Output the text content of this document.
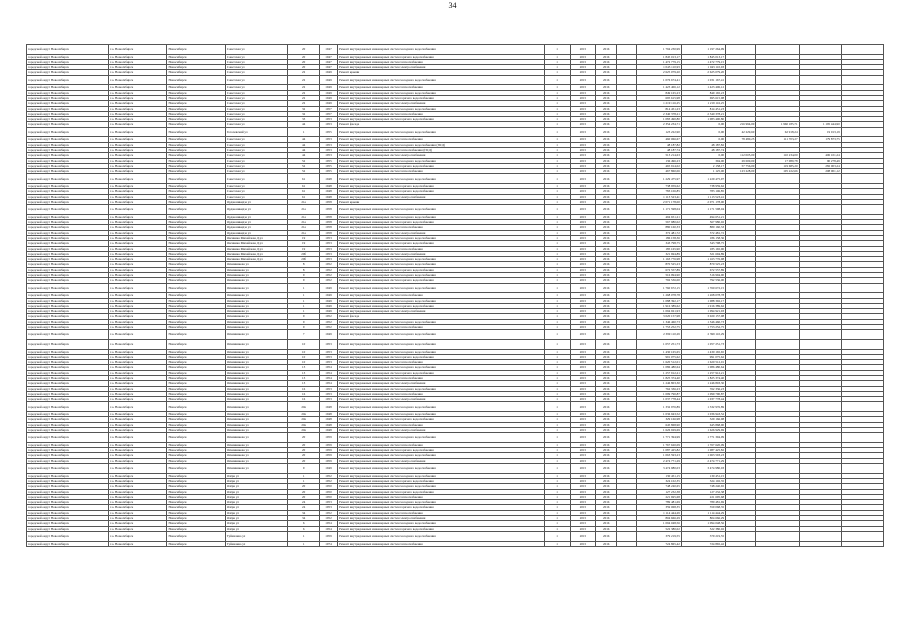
34
городской округ Новосибирск	г.о. Новосибирск	Новосибирск	Советская ул	20	1947	Ремонт внутридомовых инженерных систем холодного водоснабжения	1	2015	2016		1 794 230,99	1 197 264,99				
городской округ Новосибирск	г.о. Новосибирск	Новосибирск	Советская ул	20	1947	Ремонт внутридомовых инженерных систем горячего водоснабжения	1	2015	2016		1 845 013,17	1 845 013,17				
городской округ Новосибирск	г.о. Новосибирск	Новосибирск	Советская ул	20	1947	Ремонт внутридомовых инженерных систем теплоснабжения	1	2015	2016		1 472 779,15	1 472 779,15				
городской округ Новосибирск	г.о. Новосибирск	Новосибирск	Советская ул	20	1947	Ремонт внутридомовых инженерных систем электроснабжения	1	2015	2016		1 043 110,93	1 043 110,93				
городской округ Новосибирск	г.о. Новосибирск	Новосибирск	Советская ул	22	1949	Ремонт крыши	1	2015	2016		2 625 079,20	2 625 079,20				
городской округ Новосибирск	г.о. Новосибирск	Новосибирск	Советская ул	22	1949	Ремонт внутридомовых инженерных систем холодного водоснабжения	1	2015	2016		1 076 674,41	1 031 167,41				
городской округ Новосибирск	г.о. Новосибирск	Новосибирск	Советская ул	22	1949	Ремонт внутридомовых инженерных систем теплоснабжения	1	2015	2016		1 423 406,12	1 423 406,12				
городской округ Новосибирск	г.о. Новосибирск	Новосибирск	Советская ул	22	1949	Ремонт внутридомовых инженерных систем холодного водоснабжения	1	2015	2016		849 165,23	849 165,23				
городской округ Новосибирск	г.о. Новосибирск	Новосибирск	Советская ул	22	1949	Ремонт внутридомовых инженерных систем горячего водоснабжения	1	2015	2016		695 615,98	695 615,98				
городской округ Новосибирск	г.о. Новосибирск	Новосибирск	Советская ул	22	1949	Ремонт внутридомовых инженерных систем электроснабжения	1	2015	2016		1 219 116,25	1 219 116,25				
городской округ Новосибирск	г.о. Новосибирск	Новосибирск	Советская ул	32	1957	Ремонт внутридомовых инженерных систем холодного водоснабжения	1	2015	2016		814 451,23	814 451,23				
городской округ Новосибирск	г.о. Новосибирск	Новосибирск	Советская ул	32	1957	Ремонт внутридомовых инженерных систем теплоснабжения	1	2015	2016		2 340 378,21	2 340 378,21				
городской округ Новосибирск	г.о. Новосибирск	Новосибирск	Советская ул	33	1953	Ремонт внутридомовых инженерных систем горячего водоснабжения	1	2015	2016		1 083 490,80	1 083 490,80				
городской округ Новосибирск	г.о. Новосибирск	Новосибирск	Советская ул	44	1953	Ремонт фасада	1	2015	2016		2 354 234,71	0,00	216 994,00	1 960 185,71	1 195 444,90	
городской округ Новосибирск	г.о. Новосибирск	Новосибирск	Гоголевский ул	1	1955	Ремонт внутридомовых инженерных систем холодного водоснабжения	1	2015	2016		123 222,90	0,00	42 229,60	62 918,24	19 013,19	
городской округ Новосибирск	г.о. Новосибирск	Новосибирск	Советская ул	44	1953	Ремонт внутридомовых инженерных систем теплоснабжения	1	2015	2016		460 066,67	0,00	78 480,25	111 703,27	179 873,75	
городской округ Новосибирск	г.о. Новосибирск	Новосибирск	Советская ул	44	1953	Ремонт внутридомовых инженерных систем холодного водоснабжения (ПСД)	1	2015	2016		48 187,82	48 187,82				
городской округ Новосибирск	г.о. Новосибирск	Новосибирск	Советская ул	44	1953	Ремонт внутридомовых инженерных систем теплоснабжения (ПСД)	1	2015	2016		48 187,74	48 187,74				
городской округ Новосибирск	г.о. Новосибирск	Новосибирск	Советская ул	44	1953	Ремонт внутридомовых инженерных систем электроснабжения	1	2015	2016		513 214,63	0,00	112 005,00	110 234,00	406 101,24	
городской округ Новосибирск	г.о. Новосибирск	Новосибирск	Советская ул	52	1955	Ремонт внутридомовых инженерных систем холодного водоснабжения	1	2015	2016		136 496,23	394,00	29 000,00	17 089,78	90 278,49	
городской округ Новосибирск	г.о. Новосибирск	Новосибирск	Советская ул	52	1955	Ремонт внутридомовых инженерных систем горячего водоснабжения	1	2015	2016		465 914,02	2 158,17	57 756,00	119 685,20	282 003,24	
городской округ Новосибирск	г.о. Новосибирск	Новосибирск	Советская ул	52	1955	Ремонт внутридомовых инженерных систем теплоснабжения	1	2015	2016		467 860,06	1 125,00	123 228,00	105 222,66	208 001,12	
городской округ Новосибирск	г.о. Новосибирск	Новосибирск	Советская ул	61	1948	Ремонт внутридомовых инженерных систем холодного водоснабжения	1	2015	2016		1 229 475,97	1 229 475,97				
городской округ Новосибирск	г.о. Новосибирск	Новосибирск	Советская ул	61	1948	Ремонт внутридомовых инженерных систем горячего водоснабжения	1	2015	2016		738 959,62	738 959,62				
городской округ Новосибирск	г.о. Новосибирск	Новосибирск	Советская ул	61	1948	Ремонт внутридомовых инженерных систем горячего водоснабжения	1	2015	2016		783 106,85	783 106,85				
городской округ Новосибирск	г.о. Новосибирск	Новосибирск	Советская ул	61	1948	Ремонт внутридомовых инженерных систем электроснабжения	1	2015	2016		1 113 523,41	1 113 523,41				
городской округ Новосибирск	г.о. Новосибирск	Новосибирск	Орджоникидзе ул	21а	1958	Ремонт крыши	1	2015	2016		2 071 178,00	2 071 178,00				
городской округ Новосибирск	г.о. Новосибирск	Новосибирск	Орджоникидзе ул	21а	1958	Ремонт внутридомовых инженерных систем холодного водоснабжения	1	2015	2016		1 171 598,04	1 171 598,04				
городской округ Новосибирск	г.о. Новосибирск	Новосибирск	Орджоникидзе ул	21а	1958	Ремонт внутридомовых инженерных систем холодного водоснабжения	1	2015	2016		494 651,21	494 651,21				
городской округ Новосибирск	г.о. Новосибирск	Новосибирск	Орджоникидзе ул	21а	1958	Ремонт внутридомовых инженерных систем горячего водоснабжения	1	2015	2016		567 980,02	567 980,02				
городской округ Новосибирск	г.о. Новосибирск	Новосибирск	Орджоникидзе ул	21а	1958	Ремонт внутридомовых инженерных систем теплоснабжения	1	2015	2016		880 160,33	880 160,33				
городской округ Новосибирск	г.о. Новосибирск	Новосибирск	Орджоникидзе ул	21а	1958	Ремонт внутридомовых инженерных систем электроснабжения	1	2015	2016		372 481,72	372 481,72				
городской округ Новосибирск	г.о. Новосибирск	Новосибирск	Овсяника Михайлова Д.ул	19	1953	Ремонт внутридомовых инженерных систем холодного водоснабжения	1	2015	2016		186 158,36	186 158,36				
городской округ Новосибирск	г.о. Новосибирск	Новосибирск	Овсяника Михайлова Д.ул	19	1953	Ремонт внутридомовых инженерных систем горячего водоснабжения	1	2015	2016		343 798,75	343 798,75				
городской округ Новосибирск	г.о. Новосибирск	Новосибирск	Овсяника Михайлова Д.ул	19	1953	Ремонт внутридомовых инженерных систем теплоснабжения	1	2015	2016		185 165,90	185 165,90				
городской округ Новосибирск	г.о. Новосибирск	Новосибирск	Овсяника Михайлова Д.ул	20б	1953	Ремонт внутридомовых инженерных систем электроснабжения	1	2015	2016		321 694,89	321 694,89				
городской округ Новосибирск	г.о. Новосибирск	Новосибирск	Овсяника Михайлова Д.ул	20б	1953	Ремонт внутридомовых инженерных систем холодного водоснабжения	1	2015	2016		1 163 776,98	1 163 776,98				
городской округ Новосибирск	г.о. Новосибирск	Новосибирск	Овчинникова ул	8	1952	Ремонт внутридомовых инженерных систем холодного водоснабжения	1	2015	2016		870 525,23	870 525,23				
городской округ Новосибирск	г.о. Новосибирск	Новосибирск	Овчинникова ул	8	1952	Ремонт внутридомовых инженерных систем горячего водоснабжения	1	2015	2016		672 557,89	672 557,89				
городской округ Новосибирск	г.о. Новосибирск	Новосибирск	Овчинникова ул	9	1952	Ремонт внутридомовых инженерных систем холодного водоснабжения	1	2015	2016		516 994,90	516 994,90				
городской округ Новосибирск	г.о. Новосибирск	Новосибирск	Овчинникова ул	9	1952	Ремонт внутридомовых инженерных систем горячего водоснабжения	1	2015	2016		792 536,00	792 536,00				
городской округ Новосибирск	г.о. Новосибирск	Новосибирск	Овчинникова ул	1	1949	Ремонт внутридомовых инженерных систем холодного водоснабжения	1	2015	2016		1 760 672,15	1 760 672,15				
городской округ Новосибирск	г.о. Новосибирск	Новосибирск	Овчинникова ул	1	1949	Ремонт внутридомовых инженерных систем теплоснабжения	1	2015	2016		1 268 078,78	1 268 078,78				
городской округ Новосибирск	г.о. Новосибирск	Новосибирск	Овчинникова ул	1	1949	Ремонт внутридомовых инженерных систем холодного водоснабжения	1	2015	2016		1 088 392,17	1 088 392,17				
городской округ Новосибирск	г.о. Новосибирск	Новосибирск	Овчинникова ул	1	1949	Ремонт внутридомовых инженерных систем горячего водоснабжения	1	2015	2016		1 916 389,62	1 916 389,62				
городской округ Новосибирск	г.о. Новосибирск	Новосибирск	Овчинникова ул	1	1949	Ремонт внутридомовых инженерных систем электроснабжения	1	2015	2016		1 094 921,93	1 094 921,93				
городской округ Новосибирск	г.о. Новосибирск	Новосибирск	Овчинникова ул	9	1952	Ремонт фасада	1	2015	2016		3 020 157,98	3 020 157,98				
городской округ Новосибирск	г.о. Новосибирск	Новосибирск	Овчинникова ул	9	1952	Ремонт внутридомовых инженерных систем холодного водоснабжения	1	2015	2016		1 346 460,73	1 346 460,73				
городской округ Новосибирск	г.о. Новосибирск	Новосибирск	Овчинникова ул	9	1952	Ремонт внутридомовых инженерных систем теплоснабжения	1	2015	2016		1 753 252,75	1 753 252,75				
городской округ Новосибирск	г.о. Новосибирск	Новосибирск	Овчинникова ул	7	1949	Ремонт внутридомовых инженерных систем холодного водоснабжения	1	2015	2016		2 399 110,29	2 399 110,29				
городской округ Новосибирск	г.о. Новосибирск	Новосибирск	Овчинникова ул	10	1953	Ремонт внутридомовых инженерных систем холодного водоснабжения	1	2015	2016		1 057 251,73	1 057 251,73				
городской округ Новосибирск	г.о. Новосибирск	Новосибирск	Овчинникова ул	10	1953	Ремонт внутридомовых инженерных систем холодного водоснабжения	1	2015	2016		1 430 165,65	1 430 165,65				
городской округ Новосибирск	г.о. Новосибирск	Новосибирск	Овчинникова ул	10	1953	Ремонт внутридомовых инженерных систем горячего водоснабжения	1	2015	2016		991 075,62	991 075,62				
городской округ Новосибирск	г.о. Новосибирск	Новосибирск	Овчинникова ул	10	1953	Ремонт внутридомовых инженерных систем теплоснабжения	1	2015	2016		1 620 512,01	1 620 512,01				
городской округ Новосибирск	г.о. Новосибирск	Новосибирск	Овчинникова ул	13	1954	Ремонт внутридомовых инженерных систем холодного водоснабжения	1	2015	2016		1 086 480,64	1 086 480,64				
городской округ Новосибирск	г.о. Новосибирск	Новосибирск	Овчинникова ул	13	1954	Ремонт внутридомовых инженерных систем горячего водоснабжения	1	2015	2016		1 257 912,21	1 257 912,21				
городской округ Новосибирск	г.о. Новосибирск	Новосибирск	Овчинникова ул	13	1954	Ремонт внутридомовых инженерных систем теплоснабжения	1	2015	2016		1 825 374,40	1 825 374,40				
городской округ Новосибирск	г.о. Новосибирск	Новосибирск	Овчинникова ул	13	1954	Ремонт внутридомовых инженерных систем электроснабжения	1	2015	2016		1 246 803,30	1 246 803,30				
городской округ Новосибирск	г.о. Новосибирск	Новосибирск	Овчинникова ул	16	1953	Ремонт внутридомовых инженерных систем холодного водоснабжения	1	2015	2016		762 336,23	762 336,23				
городской округ Новосибирск	г.о. Новосибирск	Новосибирск	Овчинникова ул	16	1953	Ремонт внутридомовых инженерных систем теплоснабжения	1	2015	2016		1 099 790,87	1 099 790,87				
городской округ Новосибирск	г.о. Новосибирск	Новосибирск	Овчинникова ул	16	1953	Ремонт внутридомовых инженерных систем электроснабжения	1	2015	2016		1 037 778,44	1 037 778,44				
городской округ Новосибирск	г.о. Новосибирск	Новосибирск	Овчинникова ул	20а	1948	Ремонт внутридомовых инженерных систем холодного водоснабжения	1	2015	2016		1 332 976,89	1 332 976,89				
городской округ Новосибирск	г.о. Новосибирск	Новосибирск	Овчинникова ул	20а	1948	Ремонт внутридомовых инженерных систем холодного водоснабжения	1	2015	2016		1 036 943,52	1 036 943,52				
городской округ Новосибирск	г.о. Новосибирск	Новосибирск	Овчинникова ул	20а	1948	Ремонт внутридомовых инженерных систем горячего водоснабжения	1	2015	2016		329 166,98	329 166,98				
городской округ Новосибирск	г.о. Новосибирск	Новосибирск	Овчинникова ул	20а	1948	Ремонт внутридомовых инженерных систем теплоснабжения	1	2015	2016		645 868,90	645 868,90				
городской округ Новосибирск	г.о. Новосибирск	Новосибирск	Овчинникова ул	20а	1948	Ремонт внутридомовых инженерных систем электроснабжения	1	2015	2016		1 626 929,69	1 626 929,69				
городской округ Новосибирск	г.о. Новосибирск	Новосибирск	Овчинникова ул	20	1959	Ремонт внутридомовых инженерных систем холодного водоснабжения	1	2015	2016		1 771 394,99	1 771 394,99				
городской округ Новосибирск	г.о. Новосибирск	Новосибирск	Овчинникова ул	20	1959	Ремонт внутридомовых инженерных систем теплоснабжения	1	2015	2016		1 767 620,09	1 767 620,09				
городской округ Новосибирск	г.о. Новосибирск	Новосибирск	Овчинникова ул	20	1959	Ремонт внутридомовых инженерных систем горячего водоснабжения	1	2015	2016		1 087 425,82	1 087 425,82				
городской округ Новосибирск	г.о. Новосибирск	Новосибирск	Овчинникова ул	20	1959	Ремонт внутридомовых инженерных систем холодного водоснабжения	1	2015	2016		1 063 593,23	1 063 593,23				
городской округ Новосибирск	г.о. Новосибирск	Новосибирск	Овчинникова ул	20	1959	Ремонт внутридомовых инженерных систем электроснабжения	1	2015	2016		2 474 771,29	2 474 771,29				
городской округ Новосибирск	г.о. Новосибирск	Новосибирск	Овчинникова ул	9	1949	Ремонт внутридомовых инженерных систем холодного водоснабжения	1	2015	2016		3 474 980,03	3 474 980,03				
городской округ Новосибирск	г.о. Новосибирск	Новосибирск	Озёрн ул	1	1952	Ремонт внутридомовых инженерных систем холодного водоснабжения	1	2015	2016		130 451,15	130 451,15				
городской округ Новосибирск	г.о. Новосибирск	Новосибирск	Озёрн ул	1	1952	Ремонт внутридомовых инженерных систем горячего водоснабжения	1	2015	2016		324 102,35	324 102,35				
городской округ Новосибирск	г.о. Новосибирск	Новосибирск	Озёрн ул	20	1950	Ремонт внутридомовых инженерных систем холодного водоснабжения	1	2015	2016		748 240,65	748 240,65				
городской округ Новосибирск	г.о. Новосибирск	Новосибирск	Озёрн ул	20	1950	Ремонт внутридомовых инженерных систем горячего водоснабжения	1	2015	2016		127 232,38	127 232,38				
городской округ Новосибирск	г.о. Новосибирск	Новосибирск	Озёрн ул	20	1950	Ремонт внутридомовых инженерных систем теплоснабжения	1	2015	2016		221 695,68	221 695,68				
городской округ Новосибирск	г.о. Новосибирск	Новосибирск	Озёрн ул	24	1953	Ремонт внутридомовых инженерных систем холодного водоснабжения	1	2015	2016		789 481,69	789 481,69				
городской округ Новосибирск	г.о. Новосибирск	Новосибирск	Озёрн ул	24	1953	Ремонт внутридомовых инженерных систем горячего водоснабжения	1	2015	2016		359 068,35	359 068,35				
городской округ Новосибирск	г.о. Новосибирск	Новосибирск	Озёрн ул	34	1952	Ремонт внутридомовых инженерных систем теплоснабжения	1	2015	2016		1 114 444,29	1 114 444,29				
городской округ Новосибирск	г.о. Новосибирск	Новосибирск	Озёрн ул	34	1952	Ремонт внутридомовых инженерных систем электроснабжения	1	2015	2016		804 666,29	804 666,29				
городской округ Новосибирск	г.о. Новосибирск	Новосибирск	Озёрн ул	6	1954	Ремонт внутридомовых инженерных систем холодного водоснабжения	1	2015	2016		1 094 048,56	1 094 048,56				
городской округ Новосибирск	г.о. Новосибирск	Новосибирск	Озёрн ул	6	1954	Ремонт внутридомовых инженерных систем горячего водоснабжения	1	2015	2016		522 380,02	522 380,02				
городской округ Новосибирск	г.о. Новосибирск	Новосибирск	Туймазина ул	1	1959	Ремонт внутридомовых инженерных систем холодного водоснабжения	1	2015	2016		379 219,55	379 219,55				
городской округ Новосибирск	г.о. Новосибирск	Новосибирск	Туймазина ул	1	1974	Ремонт внутридомовых инженерных систем теплоснабжения	1	2015	2016		724 865,42	724 865,42				
